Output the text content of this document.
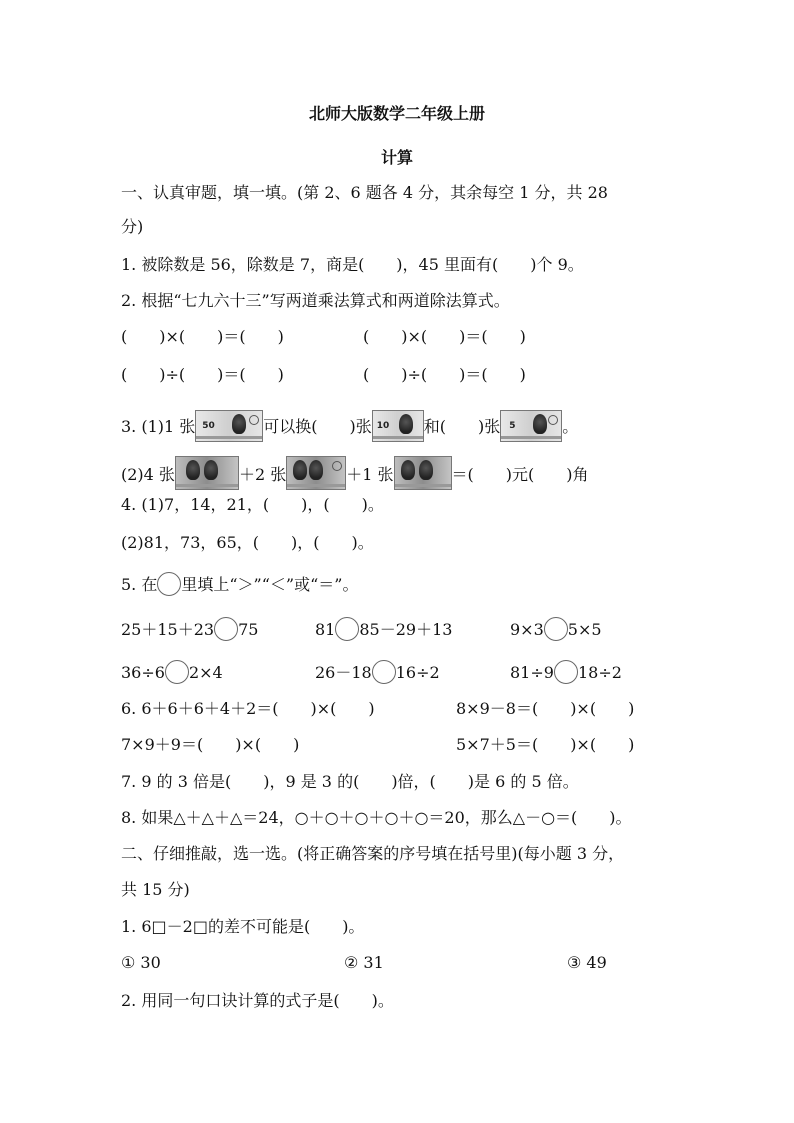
北师大版数学二年级上册
计算
一、认真审题，填一填。(第 2、6 题各 4 分，其余每空 1 分，共 28
分)
1. 被除数是 56，除数是 7，商是(　　)，45 里面有(　　)个 9。
2. 根据“七九六十三”写两道乘法算式和两道除法算式。
(　　)×(　　)＝(　　)	(　　)×(　　)＝(　　)
(　　)÷(　　)＝(　　)	(　　)÷(　　)＝(　　)
3. (1)1 张 50	可以换(　　)张 10 和(　　)张 5	。
(2)4 张	＋2 张	＋1 张	＝(　　)元(　　)角
4. (1)7，14，21，(　　)，(　　)。
(2)81，73，65，(　　)，(　　)。
5. 在 里填上“＞”“＜”或“＝”。
25＋15＋23 75	81 85－29＋13	9×3 5×5
36÷6 2×4	26－18 16÷2	81÷9 18÷2
6. 6＋6＋6＋4＋2＝(　　)×(　　)	8×9－8＝(　　)×(　　)
7×9＋9＝(　　)×(　　)	5×7＋5＝(　　)×(　　)
7. 9 的 3 倍是(　　)，9 是 3 的(　　)倍，(　　)是 6 的 5 倍。
8. 如果△＋△＋△＝24，○＋○＋○＋○＋○＝20，那么△－○＝(　　)。
二、仔细推敲，选一选。(将正确答案的序号填在括号里)(每小题 3 分，
共 15 分)
1. 6□－2□的差不可能是(　　)。
① 30	② 31	③ 49
2. 用同一句口诀计算的式子是(　　)。
